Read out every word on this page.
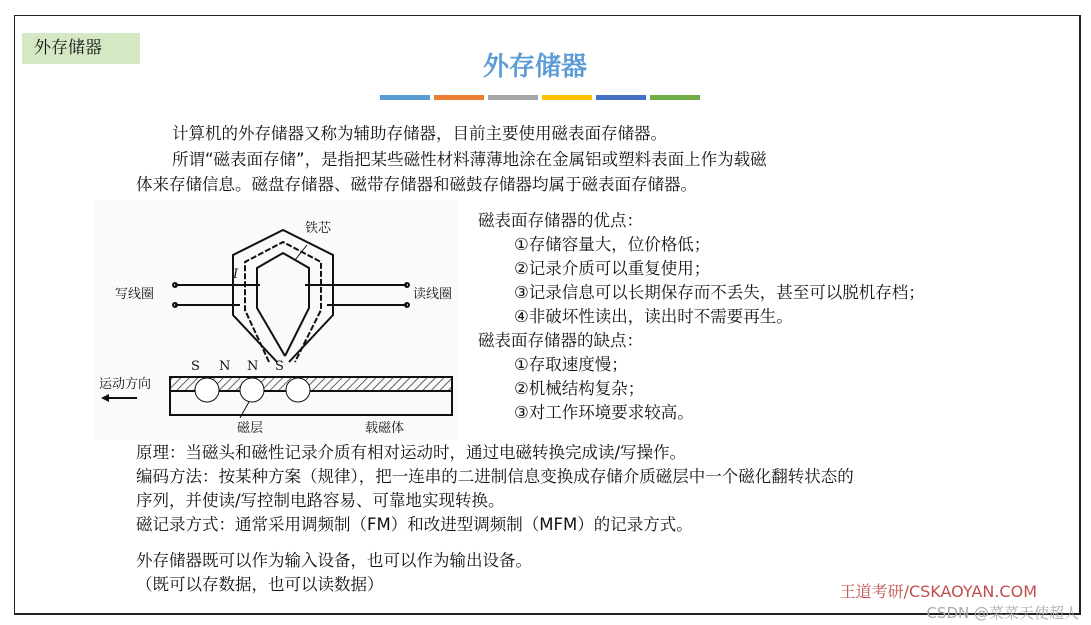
外存储器
外存储器
计算机的外存储器又称为辅助存储器，目前主要使用磁表面存储器。
所谓“磁表面存储”，是指把某些磁性材料薄薄地涂在金属铝或塑料表面上作为载磁
体来存储信息。磁盘存储器、磁带存储器和磁鼓存储器均属于磁表面存储器。
铁芯
I
写线圈	读线圈
S N N S
运动方向
磁层	载磁体
磁表面存储器的优点：
①存储容量大，位价格低；
②记录介质可以重复使用；
③记录信息可以长期保存而不丢失，甚至可以脱机存档；
④非破坏性读出，读出时不需要再生。
磁表面存储器的缺点：
①存取速度慢；
②机械结构复杂；
③对工作环境要求较高。
原理：当磁头和磁性记录介质有相对运动时，通过电磁转换完成读/写操作。
编码方法：按某种方案（规律），把一连串的二进制信息变换成存储介质磁层中一个磁化翻转状态的
序列，并使读/写控制电路容易、可靠地实现转换。
磁记录方式：通常采用调频制（FM）和改进型调频制（MFM）的记录方式。
外存储器既可以作为输入设备，也可以作为输出设备。
（既可以存数据，也可以读数据）	王道考研/CSKAOYAN.COM
CSDN @菜菜天使超人
